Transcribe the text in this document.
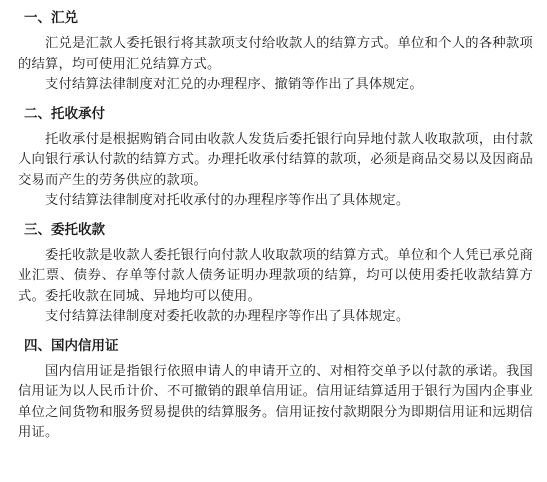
一、汇兑

汇兑是汇款人委托银行将其款项支付给收款人的结算方式。单位和个人的各种款项的结算，均可使用汇兑结算方式。

支付结算法律制度对汇兑的办理程序、撤销等作出了具体规定。

二、托收承付

托收承付是根据购销合同由收款人发货后委托银行向异地付款人收取款项，由付款人向银行承认付款的结算方式。办理托收承付结算的款项，必须是商品交易以及因商品交易而产生的劳务供应的款项。

支付结算法律制度对托收承付的办理程序等作出了具体规定。

三、委托收款

委托收款是收款人委托银行向付款人收取款项的结算方式。单位和个人凭已承兑商业汇票、债券、存单等付款人债务证明办理款项的结算，均可以使用委托收款结算方式。委托收款在同城、异地均可以使用。

支付结算法律制度对委托收款的办理程序等作出了具体规定。

四、国内信用证

国内信用证是指银行依照申请人的申请开立的、对相符交单予以付款的承诺。我国信用证为以人民币计价、不可撤销的跟单信用证。信用证结算适用于银行为国内企事业单位之间货物和服务贸易提供的结算服务。信用证按付款期限分为即期信用证和远期信用证。
